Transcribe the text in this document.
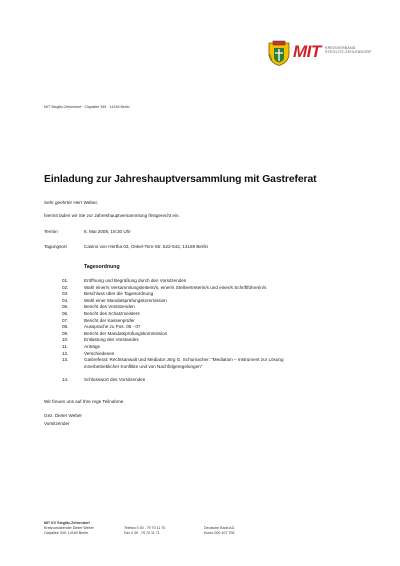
MIT KREISVERBAND
STEGLITZ-ZEHLENDORF
MIT Steglitz-Zehlendorf · Clayallee 349 · 14169 Berlin
Einladung zur Jahreshauptversammlung mit Gastreferat
Sehr geehrter Herr Weber,
hiermit laden wir Sie zur Jahreshauptversammlung fristgerecht ein.
Termin	8. Mai 2008, 19:30 Uhr
Tagungsort	Casino von Hertha 03, Onkel-Tom-Str. 522-542, 14169 Berlin
Tagesordnung
01.	Eröffnung und Begrüßung durch den Vorsitzenden
02.	Wahl einer/s Versammlungsleiterin/s, einer/s Stellvertreterin/s und einer/s Schriftführerin/s
03.	Beschluss über die Tagesordnung
04.	Wahl einer Mandatsprüfungskommission
05.	Bericht des Vorsitzenden
06.	Bericht des Schatzmeisters
07.	Bericht der Kassenprüfer
08.	Aussprache zu Pos. 05 - 07
09.	Bericht der Mandatsprüfungskommission
10.	Entlastung des Vorstandes
11.	Anträge
12.	Verschiedenes
13.	Gastreferat: Rechtsanwalt und Mediator Jörg G. Schumacher: "Mediation – Instrument zur Lösung
innerbetrieblicher Konflikte und von Nachfolgeregelungen"
14.	Schlusswort des Vorsitzenden
Wir freuen uns auf Ihre rege Teilnahme.
Gez. Dieter Weber
Vorsitzender
MIT KV Steglitz-Zehlendorf
Kreisvorsitzender Dieter Weber
Clayallee 349, 14169 Berlin
Telefon 0 30 . 79 70 11 70
Fax 0 30 . 79 70 11 71
Deutsche Bank AG
Konto 000 107 706
